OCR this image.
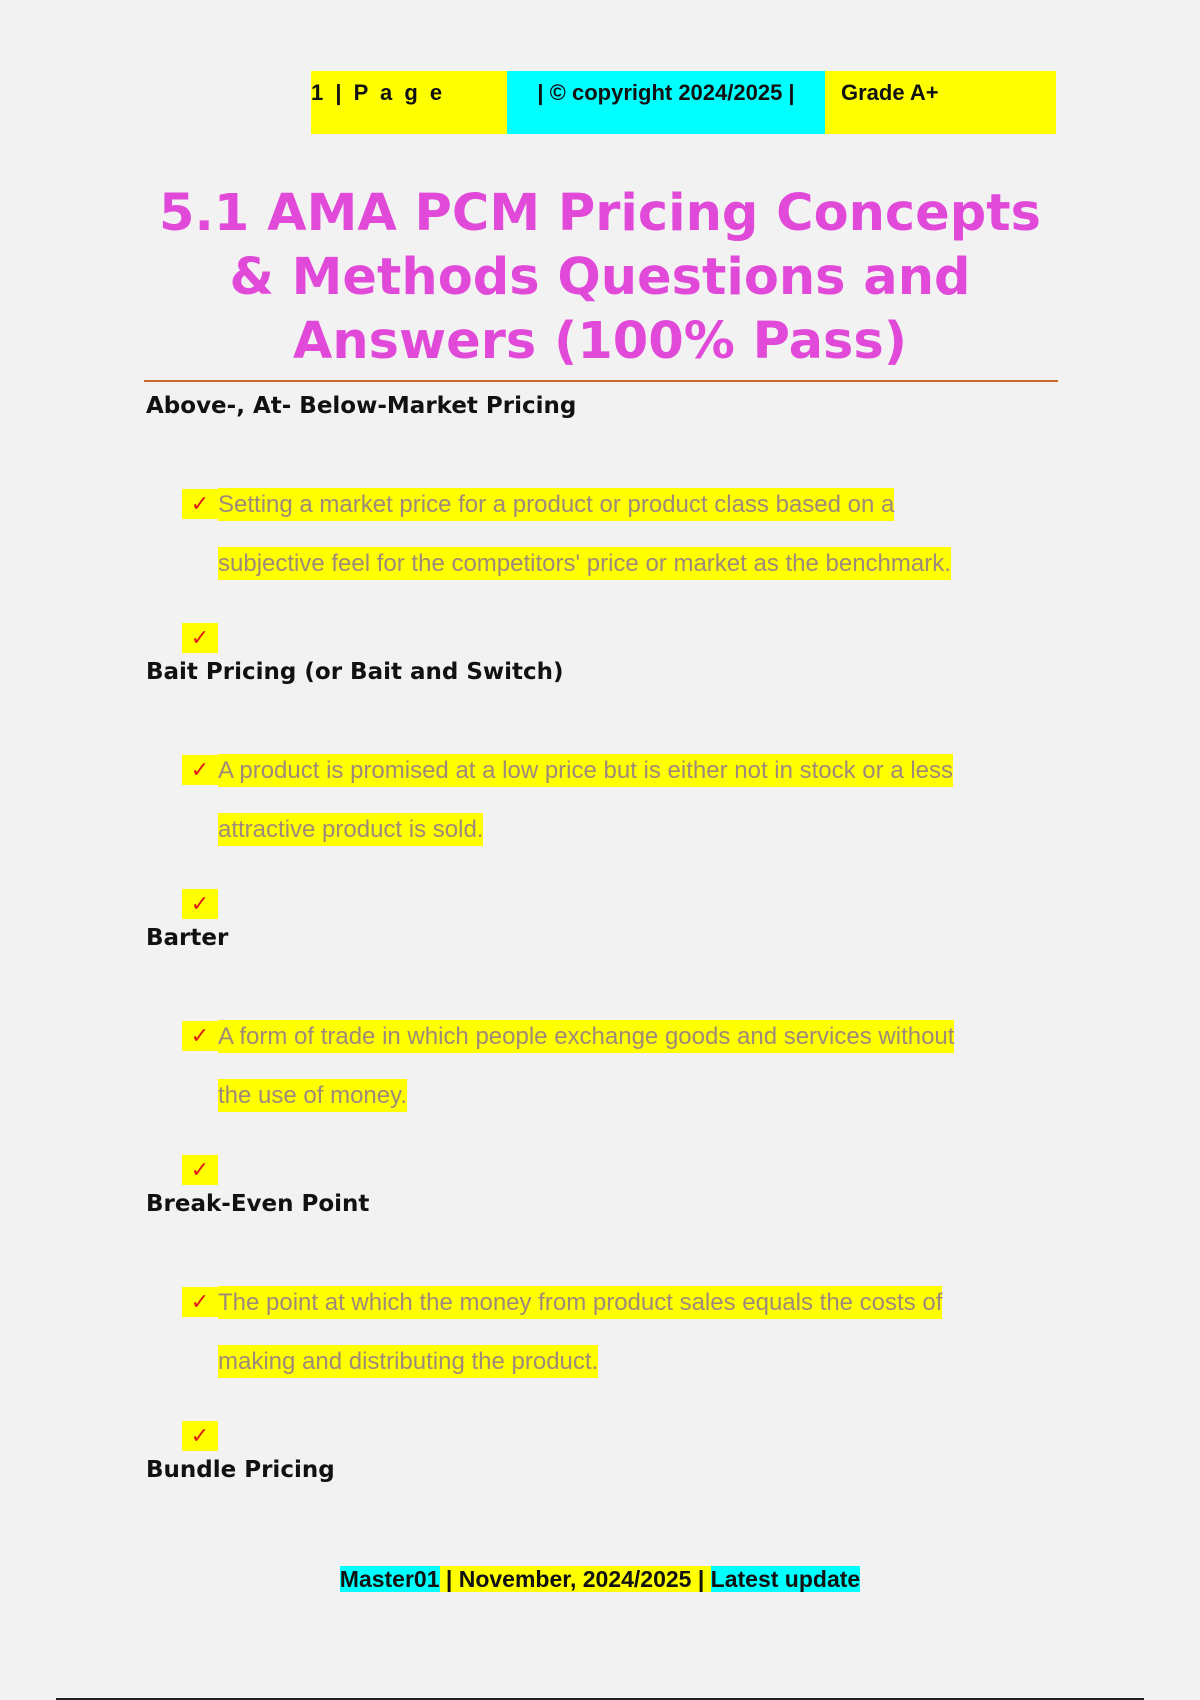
1 | P a g e	| © copyright 2024/2025 |	Grade A+
5.1 AMA PCM Pricing Concepts & Methods Questions and Answers (100% Pass)

Above-, At- Below-Market Pricing

✓ Setting a market price for a product or product class based on a
subjective feel for the competitors' price or market as the benchmark.
✓

Bait Pricing (or Bait and Switch)

✓ A product is promised at a low price but is either not in stock or a less
attractive product is sold.
✓

Barter

✓ A form of trade in which people exchange goods and services without
the use of money.
✓

Break-Even Point

✓ The point at which the money from product sales equals the costs of
making and distributing the product.
✓

Bundle Pricing

Master01 | November, 2024/2025 | Latest update
